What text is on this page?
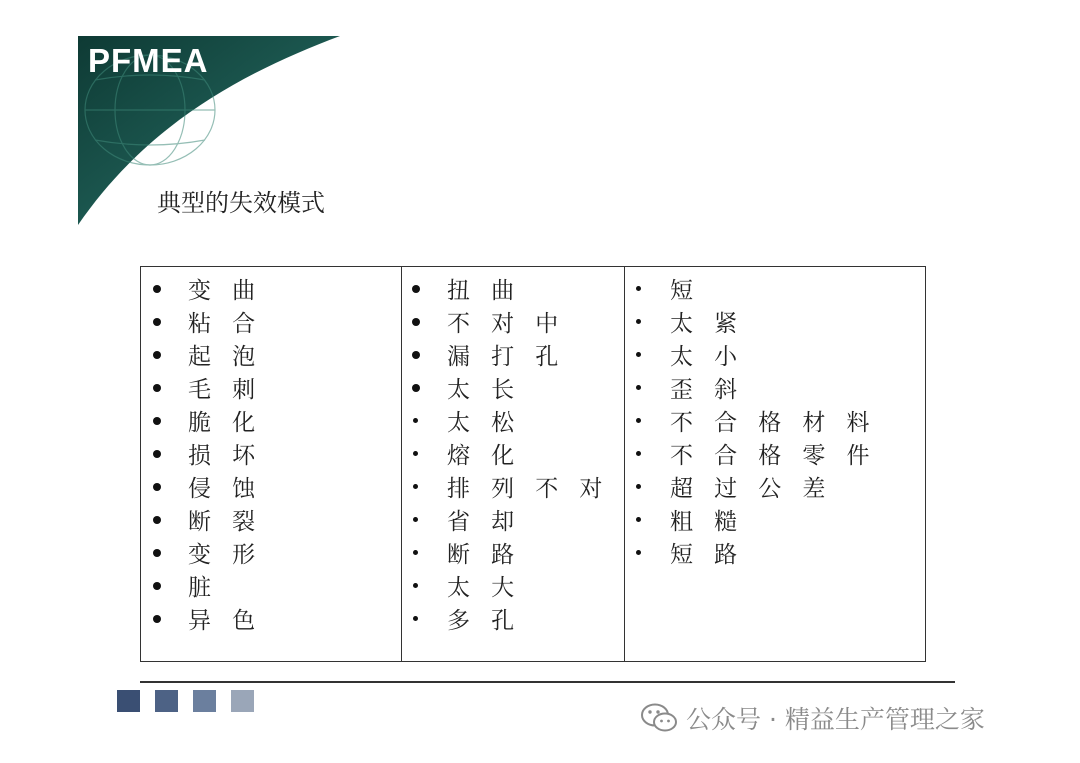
PFMEA
典型的失效模式
变 曲
粘 合
起 泡
毛 刺
脆 化
损 坏
侵 蚀
断 裂
变 形
脏
异 色
扭 曲
不 对 中
漏 打 孔
太 长
太 松
熔 化
排 列 不 对
省 却
断 路
太 大
多 孔
短
太 紧
太 小
歪 斜
不 合 格 材 料
不 合 格 零 件
超 过 公 差
粗 糙
短 路
公众号 · 精益生产管理之家
